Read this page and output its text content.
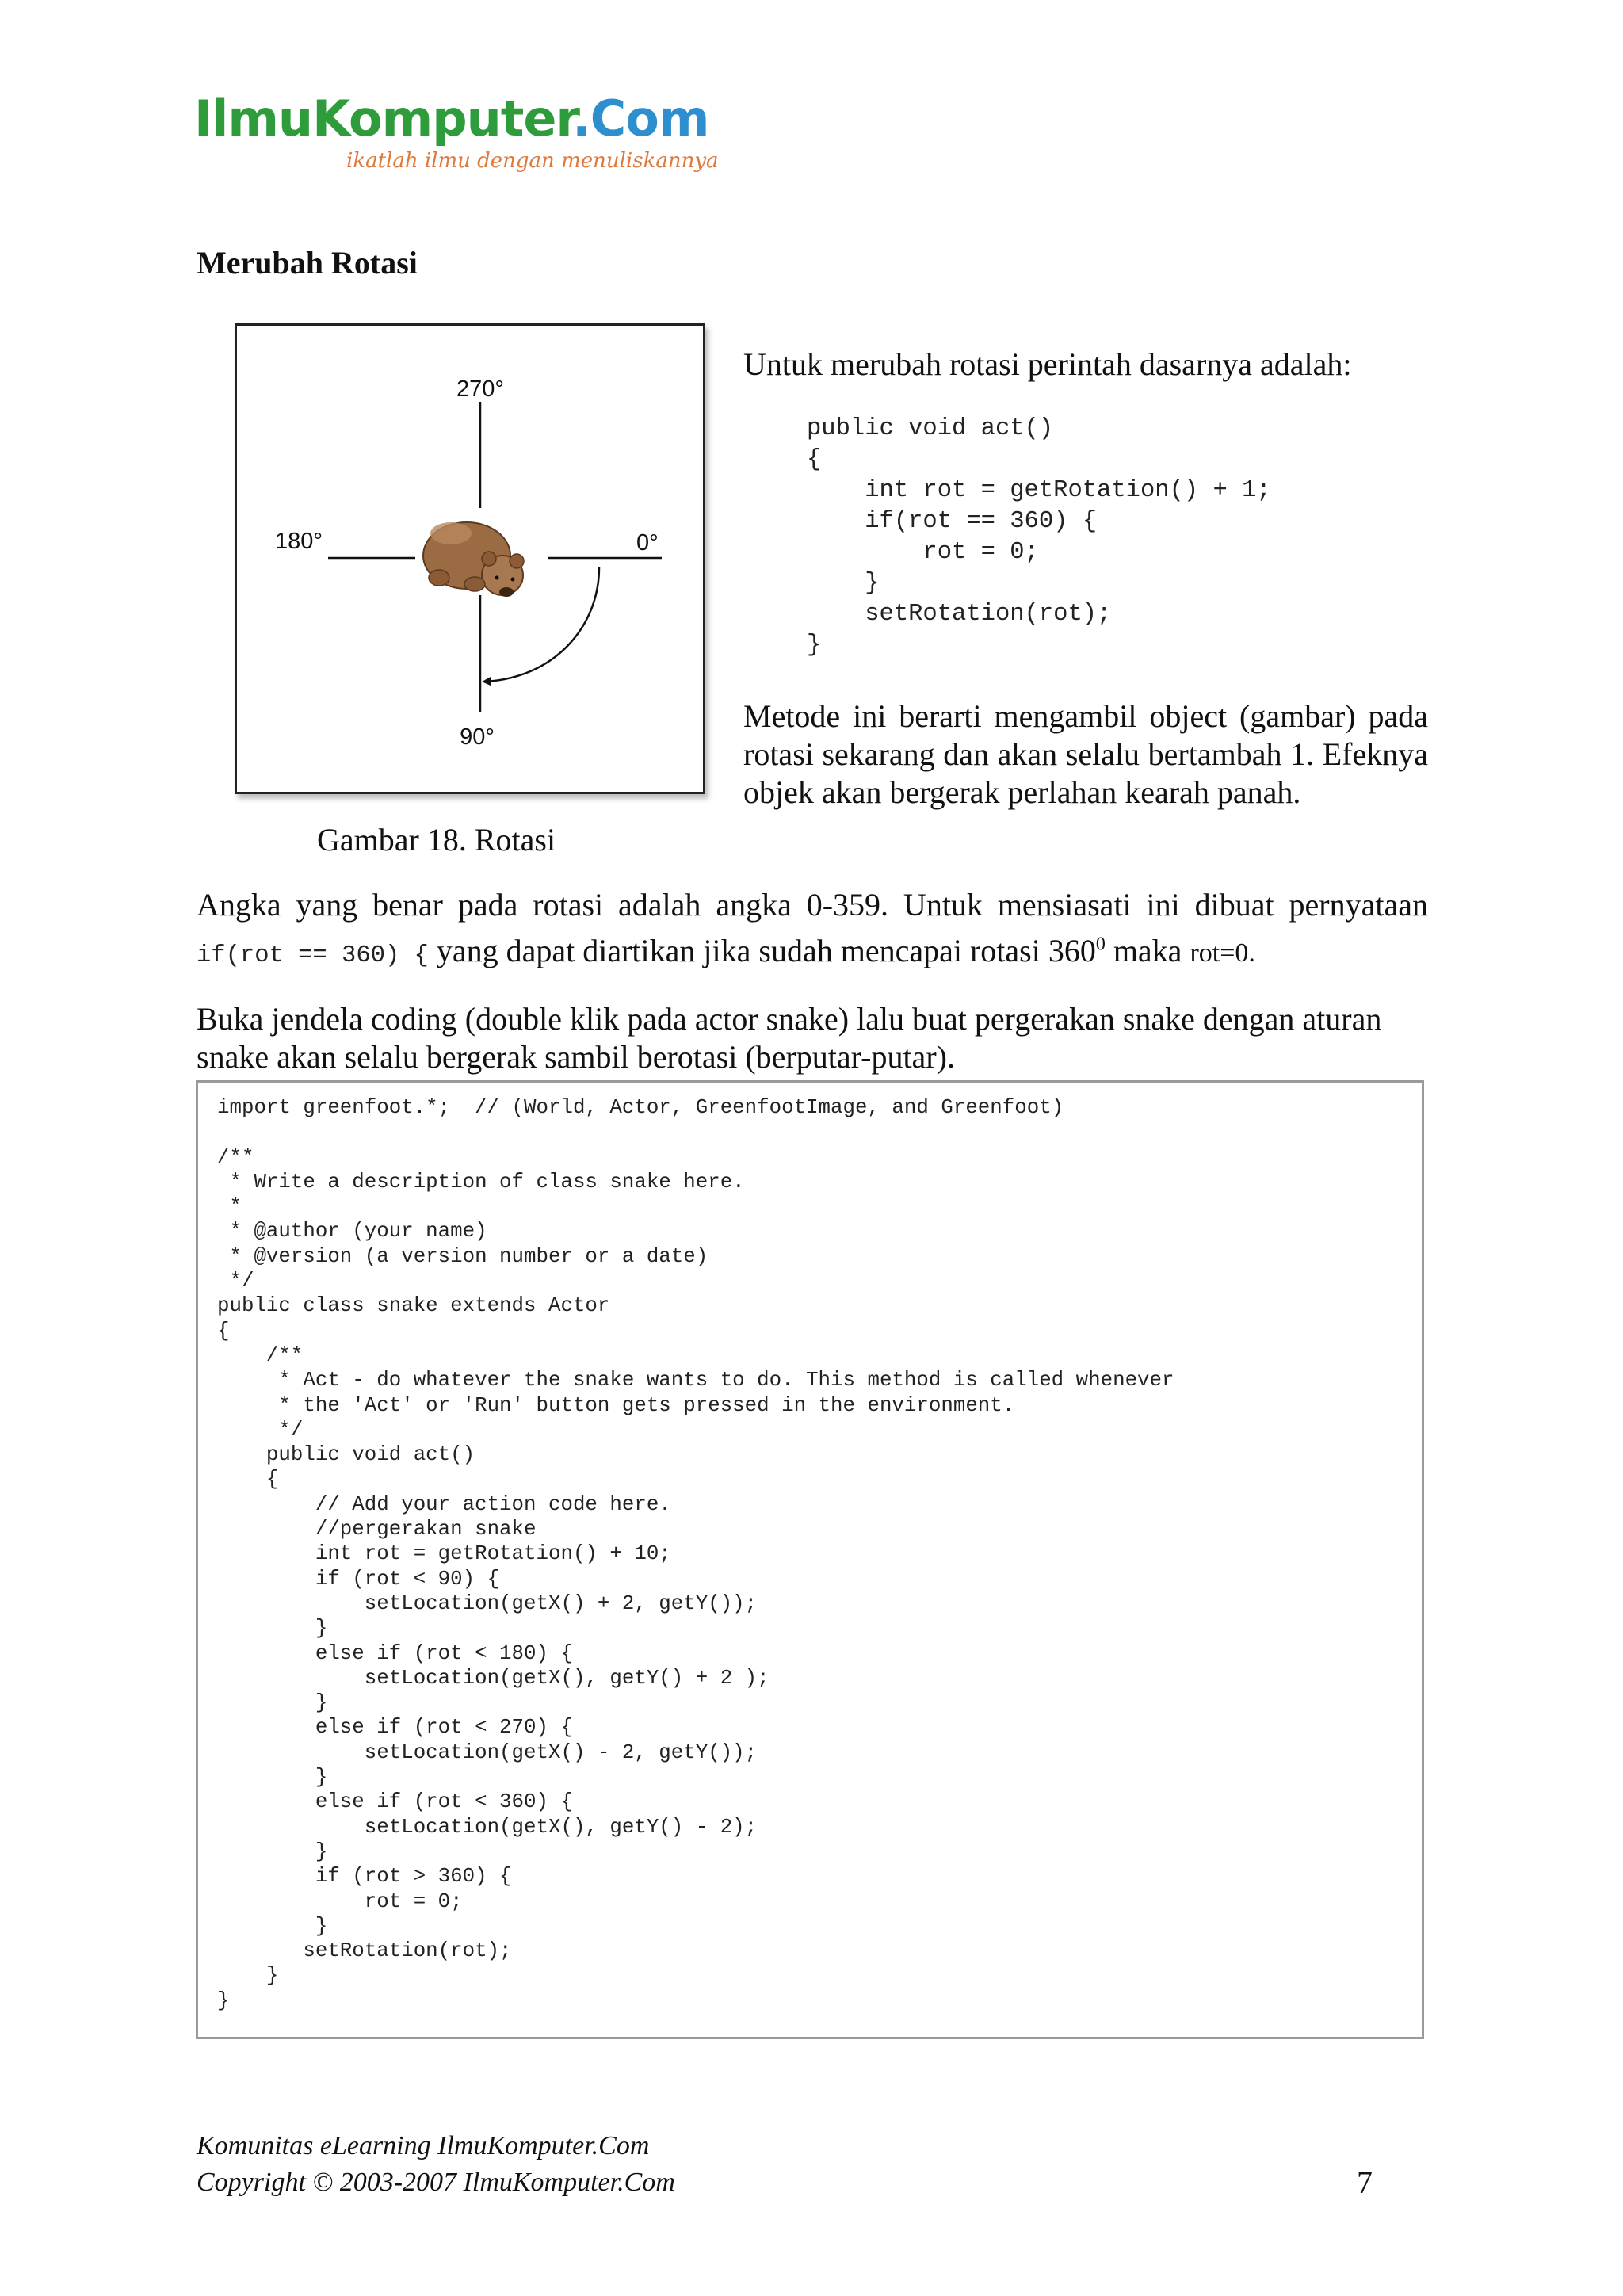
IlmuKomputer.Com
ikatlah ilmu dengan menuliskannya
Merubah Rotasi
270°
180°	0°
90°
Gambar 18. Rotasi
Untuk merubah rotasi perintah dasarnya adalah:
public void act()
{
int rot = getRotation() + 1;
if(rot == 360) {
rot = 0;
}
setRotation(rot);
}
Metode ini berarti mengambil object (gambar) pada rotasi sekarang dan akan selalu bertambah 1. Efeknya objek akan bergerak perlahan kearah panah.
Angka yang benar pada rotasi adalah angka 0-359. Untuk mensiasati ini dibuat pernyataan
if(rot == 360) { yang dapat diartikan jika sudah mencapai rotasi $360^0$ maka rot=0.
Buka jendela coding (double klik pada actor snake) lalu buat pergerakan snake dengan aturan snake akan selalu bergerak sambil berotasi (berputar-putar).
import greenfoot.*;  // (World, Actor, GreenfootImage, and Greenfoot)

/**
* Write a description of class snake here.
*
* @author (your name)
* @version (a version number or a date)
*/
public class snake extends Actor
{
/**
* Act - do whatever the snake wants to do. This method is called whenever
* the 'Act' or 'Run' button gets pressed in the environment.
*/
public void act()
{
// Add your action code here.
//pergerakan snake
int rot = getRotation() + 10;
if (rot < 90) {
setLocation(getX() + 2, getY());
}
else if (rot < 180) {
setLocation(getX(), getY() + 2 );
}
else if (rot < 270) {
setLocation(getX() - 2, getY());
}
else if (rot < 360) {
setLocation(getX(), getY() - 2);
}
if (rot > 360) {
rot = 0;
}
setRotation(rot);
}
}
Komunitas eLearning IlmuKomputer.Com
Copyright © 2003-2007 IlmuKomputer.Com	7
